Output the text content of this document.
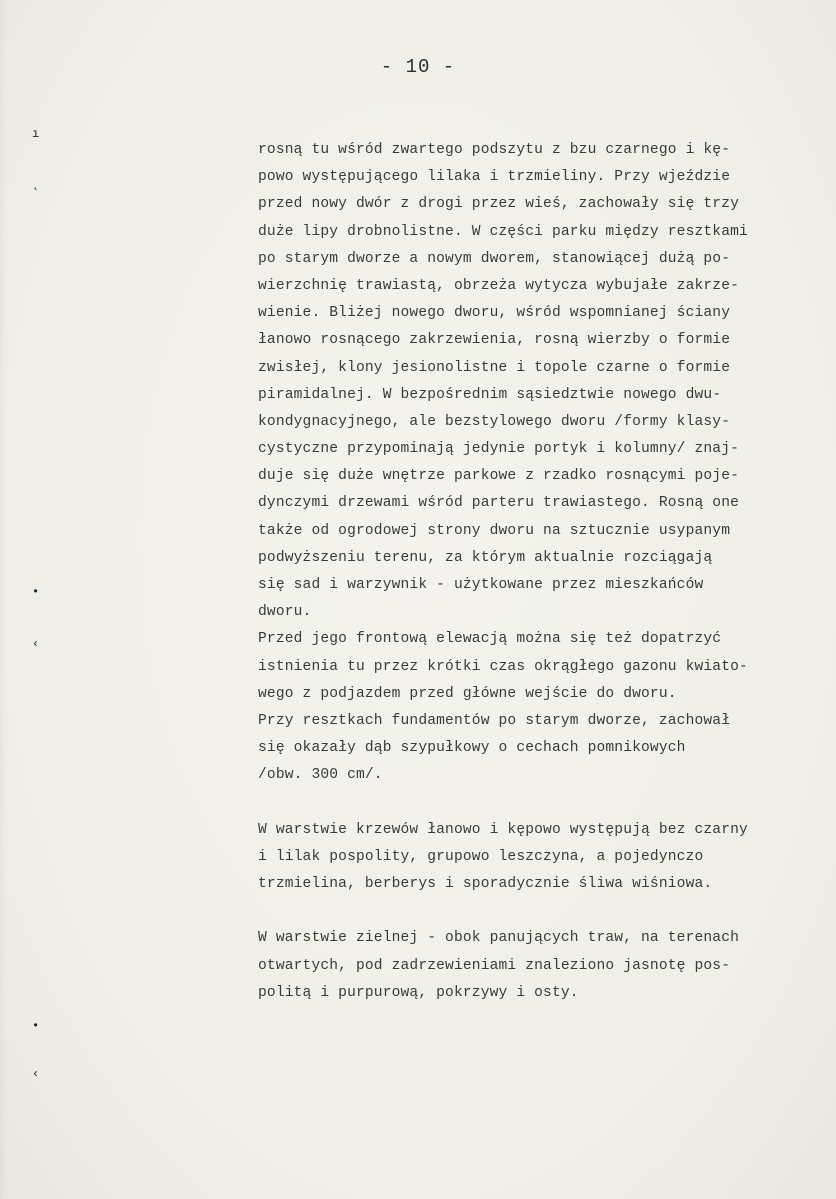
- 10 -
rosną tu wśród zwartego podszytu z bzu czarnego i kę-
powo występującego lilaka i trzmieliny. Przy wjeździe
przed nowy dwór z drogi przez wieś, zachowały się trzy
duże lipy drobnolistne. W części parku między resztkami
po starym dworze a nowym dworem, stanowiącej dużą po-
wierzchnię trawiastą, obrzeża wytycza wybujałe zakrze-
wienie. Bliżej nowego dworu, wśród wspomnianej ściany
łanowo rosnącego zakrzewienia, rosną wierzby o formie
zwisłej, klony jesionolistne i topole czarne o formie
piramidalnej. W bezpośrednim sąsiedztwie nowego dwu-
kondygnacyjnego, ale bezstylowego dworu /formy klasy-
cystyczne przypominają jedynie portyk i kolumny/ znaj-
duje się duże wnętrze parkowe z rzadko rosnącymi poje-
dynczymi drzewami wśród parteru trawiastego. Rosną one
także od ogrodowej strony dworu na sztucznie usypanym
podwyższeniu terenu, za którym aktualnie rozciągają
się sad i warzywnik - użytkowane przez mieszkańców
dworu.
Przed jego frontową elewacją można się też dopatrzyć
istnienia tu przez krótki czas okrągłego gazonu kwiato-
wego z podjazdem przed główne wejście do dworu.
Przy resztkach fundamentów po starym dworze, zachował
się okazały dąb szypułkowy o cechach pomnikowych
/obw. 300 cm/.
W warstwie krzewów łanowo i kępowo występują bez czarny
i lilak pospolity, grupowo leszczyna, a pojedynczo
trzmielina, berberys i sporadycznie śliwa wiśniowa.
W warstwie zielnej - obok panujących traw, na terenach
otwartych, pod zadrzewieniami znaleziono jasnotę pos-
politą i purpurową, pokrzywy i osty.
ı
˛
•
‹
•
‹
